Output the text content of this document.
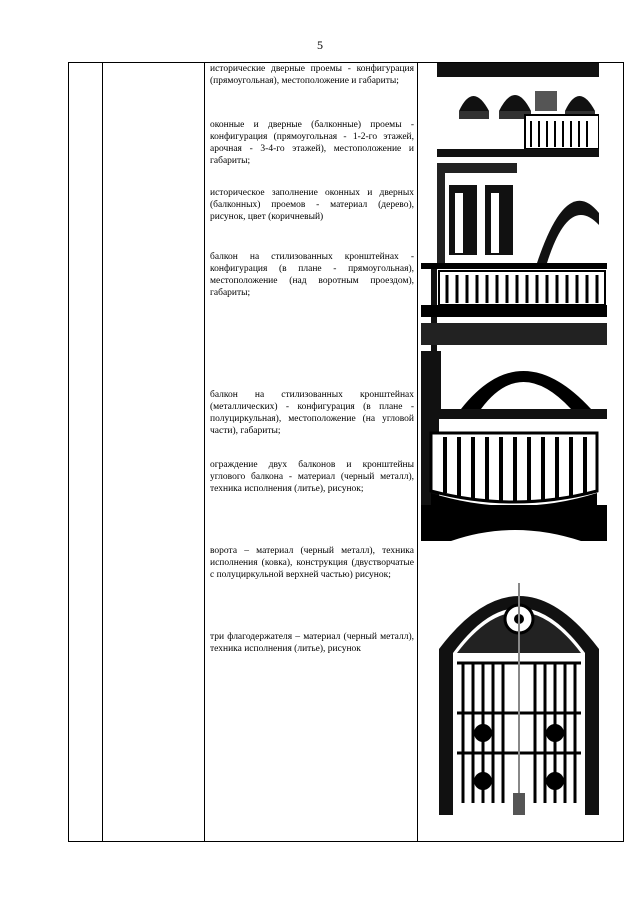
5

исторические дверные проемы - конфигурация (прямоугольная), местоположение и габариты;

оконные и дверные (балконные) проемы - конфигурация (прямоугольная - 1-2-го этажей, арочная - 3-4-го этажей), местоположение и габариты;

историческое заполнение оконных и дверных (балконных) проемов - материал (дерево), рисунок, цвет (коричневый)

балкон на стилизованных кронштейнах - конфигурация (в плане - прямоугольная), местоположение (над воротным проездом), габариты;

балкон на стилизованных кронштейнах (металлических) - конфигурация (в плане - полуциркульная), местоположение (на угловой части), габариты;

ограждение двух балконов и кронштейны углового балкона - материал (черный металл), техника исполнения (литье), рисунок;

ворота – материал (черный металл), техника исполнения (ковка), конструкция (двустворчатые с полуциркульной верхней частью) рисунок;

три флагодержателя – материал (черный металл), техника исполнения (литье), рисунок
